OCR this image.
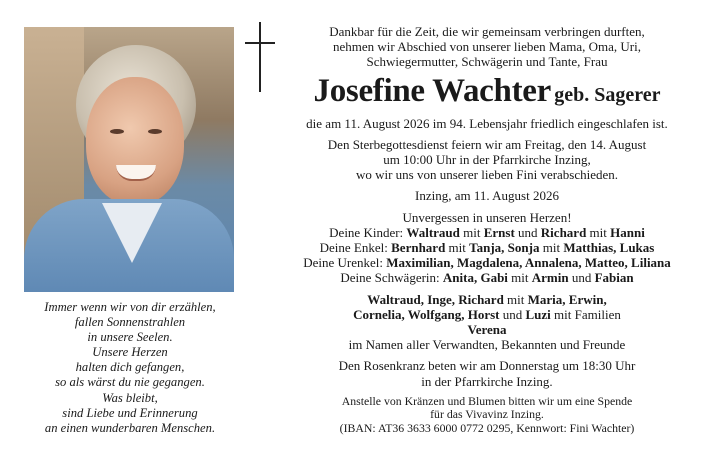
Immer wenn wir von dir erzählen,
fallen Sonnenstrahlen
in unsere Seelen.
Unsere Herzen
halten dich gefangen,
so als wärst du nie gegangen.
Was bleibt,
sind Liebe und Erinnerung
an einen wunderbaren Menschen.

Dankbar für die Zeit, die wir gemeinsam verbringen durften,

nehmen wir Abschied von unserer lieben Mama, Oma, Uri,

Schwiegermutter, Schwägerin und Tante, Frau

Josefine Wachter geb. Sagerer

die am 11. August 2026 im 94. Lebensjahr friedlich eingeschlafen ist.

Den Sterbegottesdienst feiern wir am Freitag, den 14. August

um 10:00 Uhr in der Pfarrkirche Inzing,

wo wir uns von unserer lieben Fini verabschieden.

Inzing, am 11. August 2026

Unvergessen in unseren Herzen!

Deine Kinder: Waltraud mit Ernst und Richard mit Hanni

Deine Enkel: Bernhard mit Tanja, Sonja mit Matthias, Lukas

Deine Urenkel: Maximilian, Magdalena, Annalena, Matteo, Liliana

Deine Schwägerin: Anita, Gabi mit Armin und Fabian

Waltraud, Inge, Richard mit Maria, Erwin,

Cornelia, Wolfgang, Horst und Luzi mit Familien

Verena

im Namen aller Verwandten, Bekannten und Freunde

Den Rosenkranz beten wir am Donnerstag um 18:30 Uhr

in der Pfarrkirche Inzing.

Anstelle von Kränzen und Blumen bitten wir um eine Spende

für das Vivavinz Inzing.

(IBAN: AT36 3633 6000 0772 0295, Kennwort: Fini Wachter)
